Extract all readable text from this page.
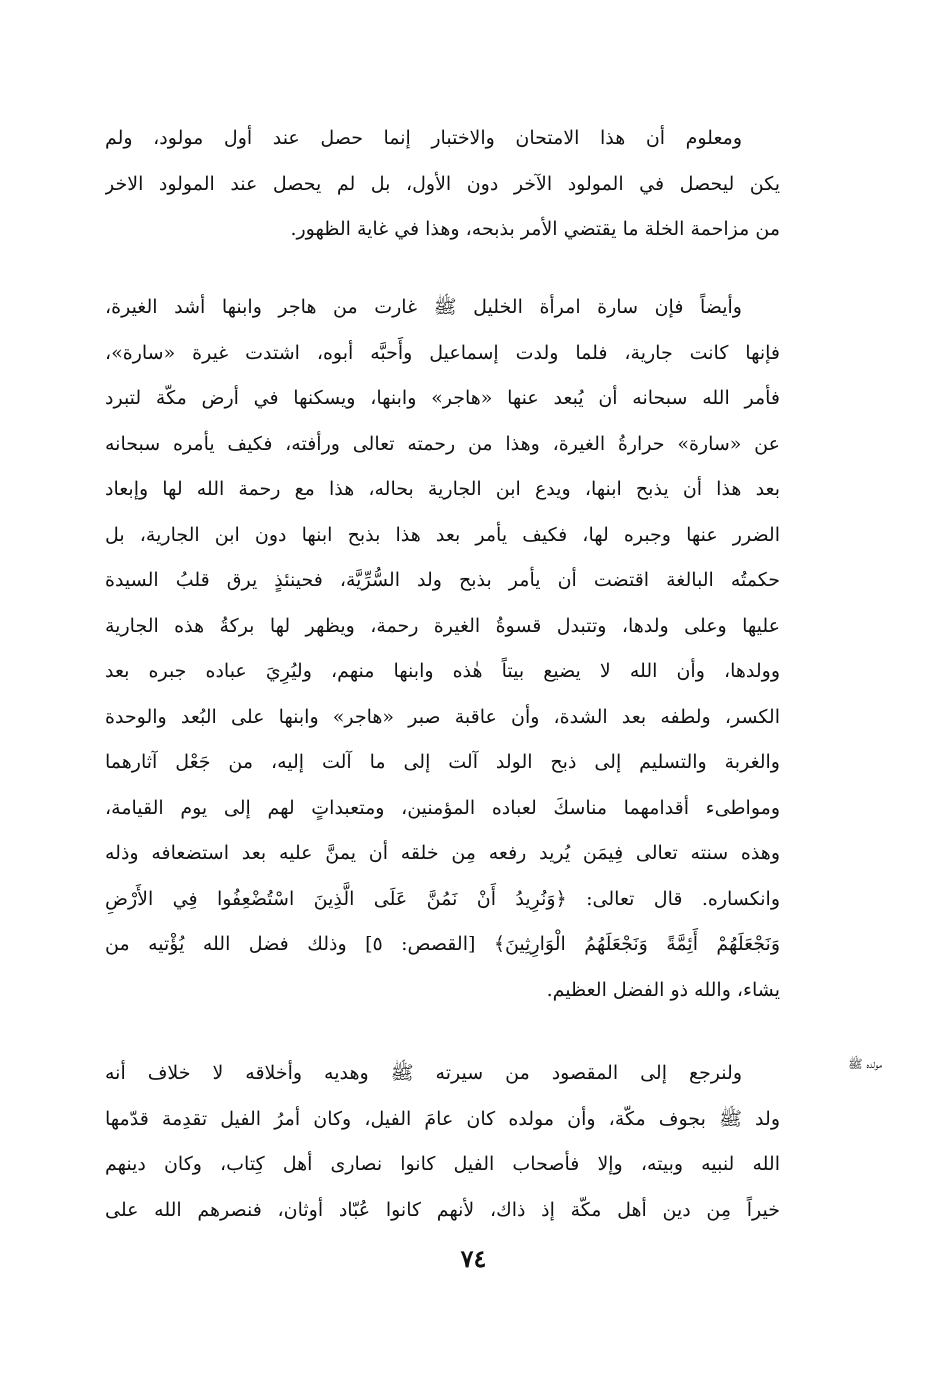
ومعلوم أن هذا الامتحان والاختبار إنما حصل عند أول مولود، ولم
يكن ليحصل في المولود الآخر دون الأول، بل لم يحصل عند المولود الاخر
من مزاحمة الخلة ما يقتضي الأمر بذبحه، وهذا في غاية الظهور.
وأيضاً فإن سارة امرأة الخليل ﷺ غارت من هاجر وابنها أشد الغيرة،
فإنها كانت جارية، فلما ولدت إسماعيل وأَحبَّه أبوه، اشتدت غيرة «سارة»،
فأمر الله سبحانه أن يُبعد عنها «هاجر» وابنها، ويسكنها في أرض مكّة لتبرد
عن «سارة» حرارةُ الغيرة، وهذا من رحمته تعالى ورأفته، فكيف يأمره سبحانه
بعد هذا أن يذبح ابنها، ويدع ابن الجارية بحاله، هذا مع رحمة الله لها وإبعاد
الضرر عنها وجبره لها، فكيف يأمر بعد هذا بذبح ابنها دون ابن الجارية، بل
حكمتُه البالغة اقتضت أن يأمر بذبح ولد السُّرِّيَّة، فحينئذٍ يرق قلبُ السيدة
عليها وعلى ولدها، وتتبدل قسوةُ الغيرة رحمة، ويظهر لها بركةُ هذه الجارية
وولدها، وأن الله لا يضيع بيتاً هٰذه وابنها منهم، وليُرِيَ عباده جبره بعد
الكسر، ولطفه بعد الشدة، وأن عاقبة صبر «هاجر» وابنها على البُعد والوحدة
والغربة والتسليم إلى ذبح الولد آلت إلى ما آلت إليه، من جَعْل آثارهما
ومواطىء أقدامهما مناسكَ لعباده المؤمنين، ومتعبداتٍ لهم إلى يوم القيامة،
وهذه سنته تعالى فِيمَن يُريد رفعه مِن خلقه أن يمنَّ عليه بعد استضعافه وذله
وانكساره. قال تعالى: ﴿وَنُرِيدُ أَنْ نَمُنَّ عَلَى الَّذِينَ اسْتُضْعِفُوا فِي الأَرْضِ
وَنَجْعَلَهُمْ أَئِمَّةً وَنَجْعَلَهُمُ الْوَارِثِينَ﴾ [القصص: ٥] وذلك فضل الله يُؤْتيه من
يشاء، والله ذو الفضل العظيم.
مولده ﷺ
ولنرجع إلى المقصود من سيرته ﷺ وهديه وأخلاقه لا خلاف أنه
ولد ﷺ بجوف مكّة، وأن مولده كان عامَ الفيل، وكان أمرُ الفيل تقدِمة قدّمها
الله لنبيه وبيته، وإلا فأصحاب الفيل كانوا نصارى أهل كِتاب، وكان دينهم
خيراً مِن دين أهل مكّة إذ ذاك، لأنهم كانوا عُبّاد أوثان، فنصرهم الله على
٧٤
